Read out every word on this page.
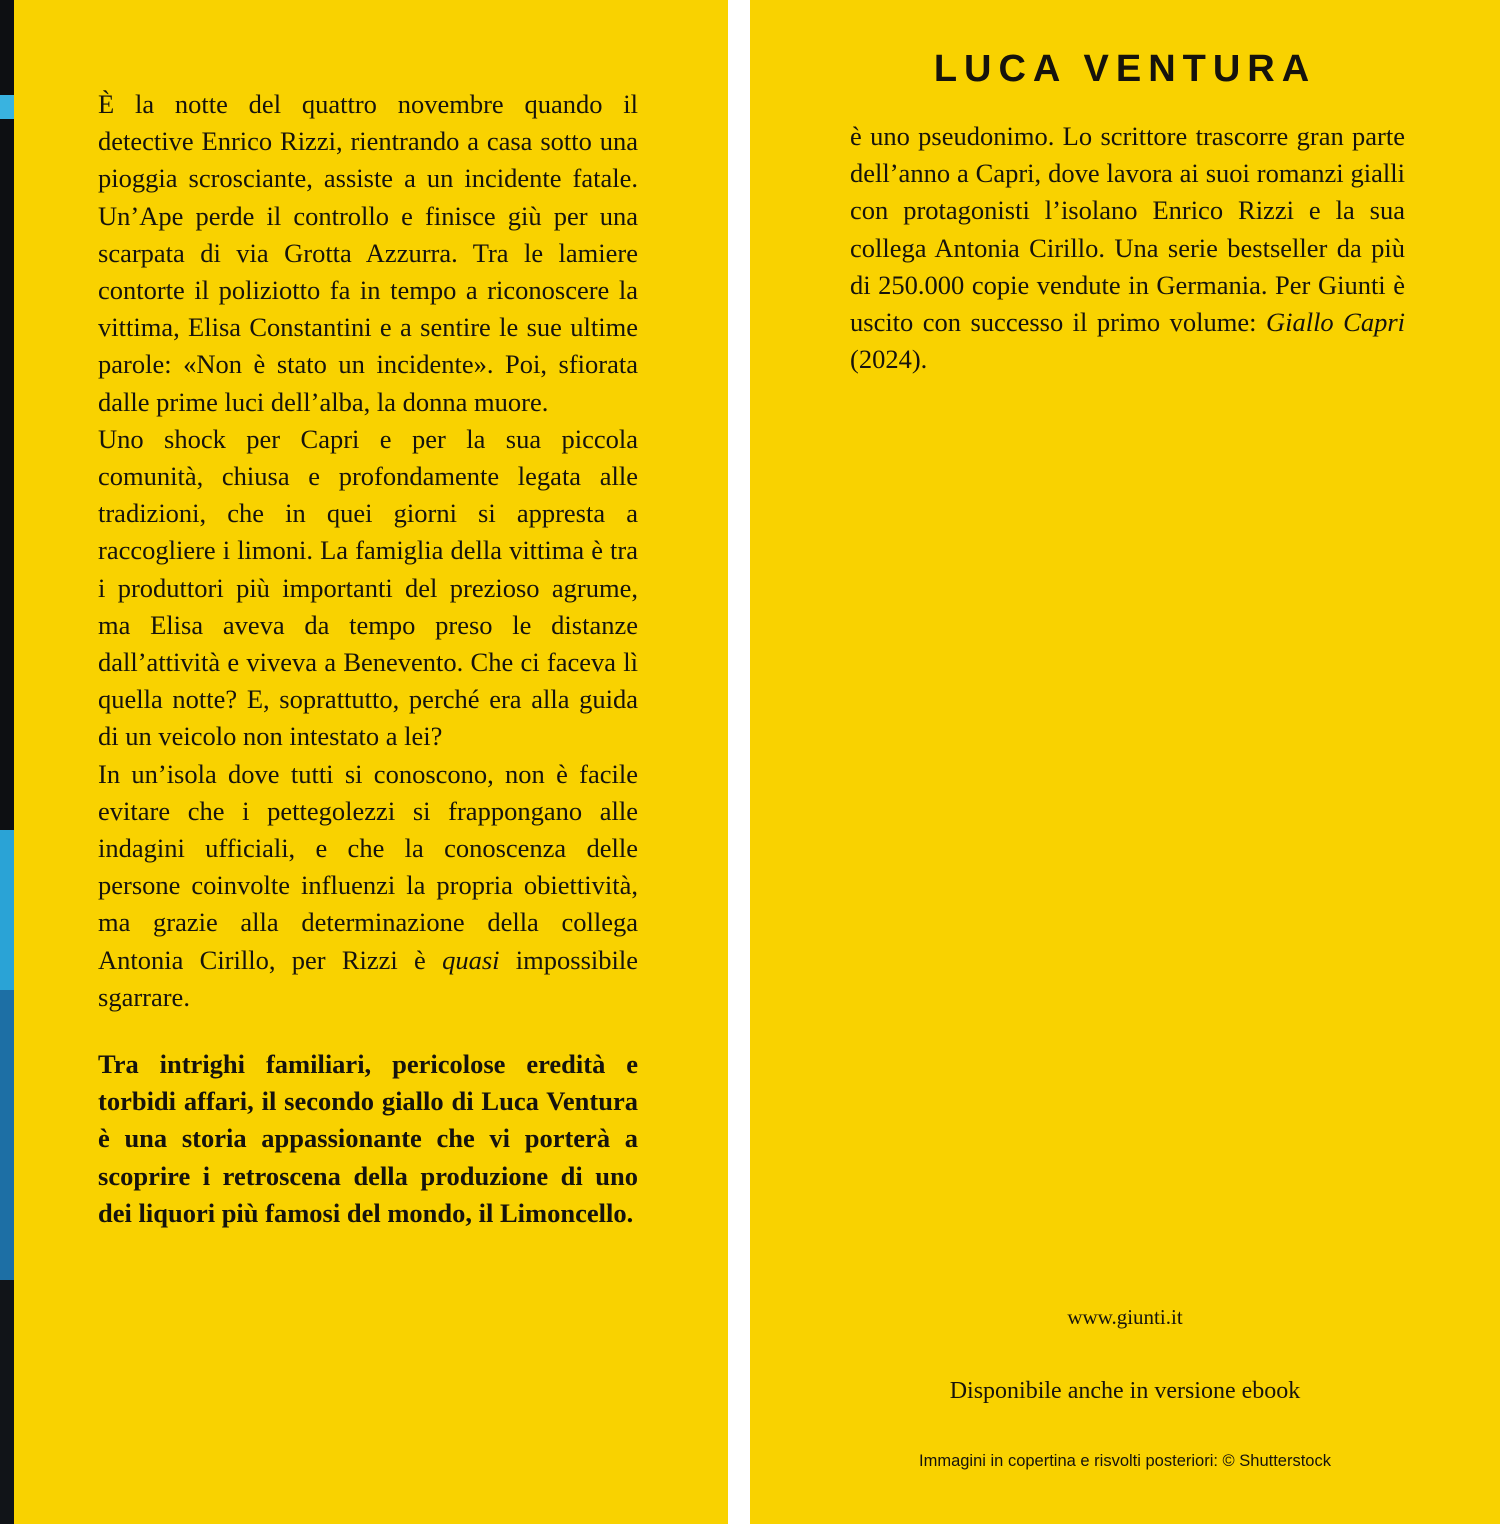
È la notte del quattro novembre quando il detective Enrico Rizzi, rientrando a casa sotto una pioggia scrosciante, assiste a un incidente fatale. Un’Ape perde il controllo e finisce giù per una scarpata di via Grotta Azzurra. Tra le lamiere contorte il poliziotto fa in tempo a riconoscere la vittima, Elisa Constantini e a sentire le sue ultime parole: «Non è stato un incidente». Poi, sfiorata dalle prime luci dell’alba, la donna muore.

Uno shock per Capri e per la sua piccola comunità, chiusa e profondamente legata alle tradizioni, che in quei giorni si appresta a raccogliere i limoni. La famiglia della vittima è tra i produttori più importanti del prezioso agrume, ma Elisa aveva da tempo preso le distanze dall’attività e viveva a Benevento. Che ci faceva lì quella notte? E, soprattutto, perché era alla guida di un veicolo non intestato a lei?

In un’isola dove tutti si conoscono, non è facile evitare che i pettegolezzi si frappongano alle indagini ufficiali, e che la conoscenza delle persone coinvolte influenzi la propria obiettività, ma grazie alla determinazione della collega Antonia Cirillo, per Rizzi è quasi impossibile sgarrare.

Tra intrighi familiari, pericolose eredità e torbidi affari, il secondo giallo di Luca Ventura è una storia appassionante che vi porterà a scoprire i retroscena della produzione di uno dei liquori più famosi del mondo, il Limoncello.

LUCA VENTURA

è uno pseudonimo. Lo scrittore trascorre gran parte dell’anno a Capri, dove lavora ai suoi romanzi gialli con protagonisti l’isolano Enrico Rizzi e la sua collega Antonia Cirillo. Una serie bestseller da più di 250.000 copie vendute in Germania. Per Giunti è uscito con successo il primo volume: Giallo Capri (2024).

www.giunti.it
Disponibile anche in versione ebook
Immagini in copertina e risvolti posteriori: © Shutterstock
